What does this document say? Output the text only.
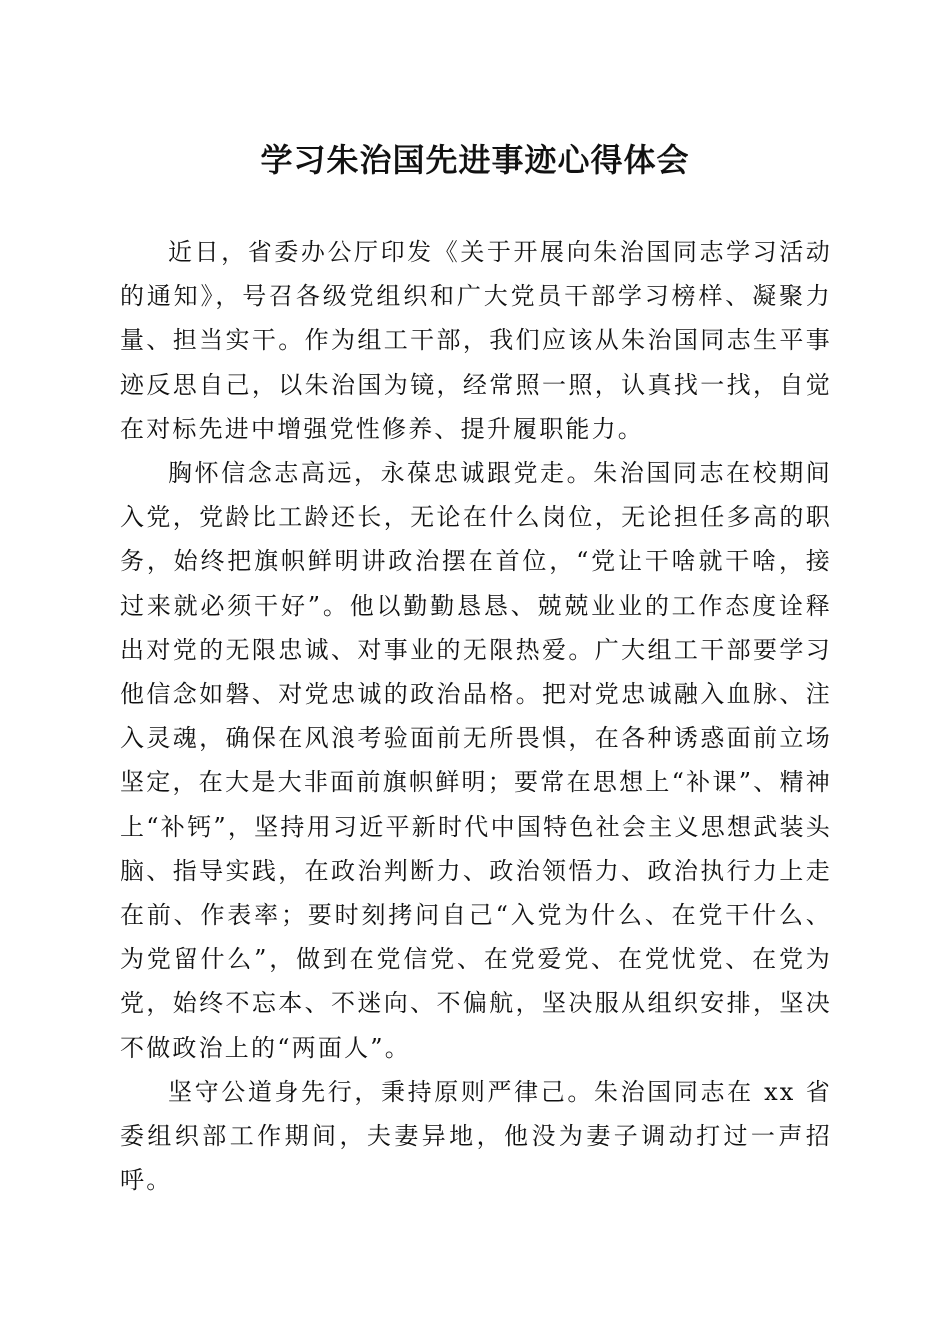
学习朱治国先进事迹心得体会

近日，省委办公厅印发《关于开展向朱治国同志学习活动的通知》，号召各级党组织和广大党员干部学习榜样、凝聚力量、担当实干。作为组工干部，我们应该从朱治国同志生平事迹反思自己，以朱治国为镜，经常照一照，认真找一找，自觉在对标先进中增强党性修养、提升履职能力。

胸怀信念志高远，永葆忠诚跟党走。朱治国同志在校期间入党，党龄比工龄还长，无论在什么岗位，无论担任多高的职务，始终把旗帜鲜明讲政治摆在首位，“党让干啥就干啥，接过来就必须干好”。他以勤勤恳恳、兢兢业业的工作态度诠释出对党的无限忠诚、对事业的无限热爱。广大组工干部要学习他信念如磐、对党忠诚的政治品格。把对党忠诚融入血脉、注入灵魂，确保在风浪考验面前无所畏惧，在各种诱惑面前立场坚定，在大是大非面前旗帜鲜明；要常在思想上“补课”、精神上“补钙”，坚持用习近平新时代中国特色社会主义思想武装头脑、指导实践，在政治判断力、政治领悟力、政治执行力上走在前、作表率；要时刻拷问自己“入党为什么、在党干什么、为党留什么”，做到在党信党、在党爱党、在党忧党、在党为党，始终不忘本、不迷向、不偏航，坚决服从组织安排，坚决不做政治上的“两面人”。

坚守公道身先行，秉持原则严律己。朱治国同志在 xx 省委组织部工作期间，夫妻异地，他没为妻子调动打过一声招呼。
